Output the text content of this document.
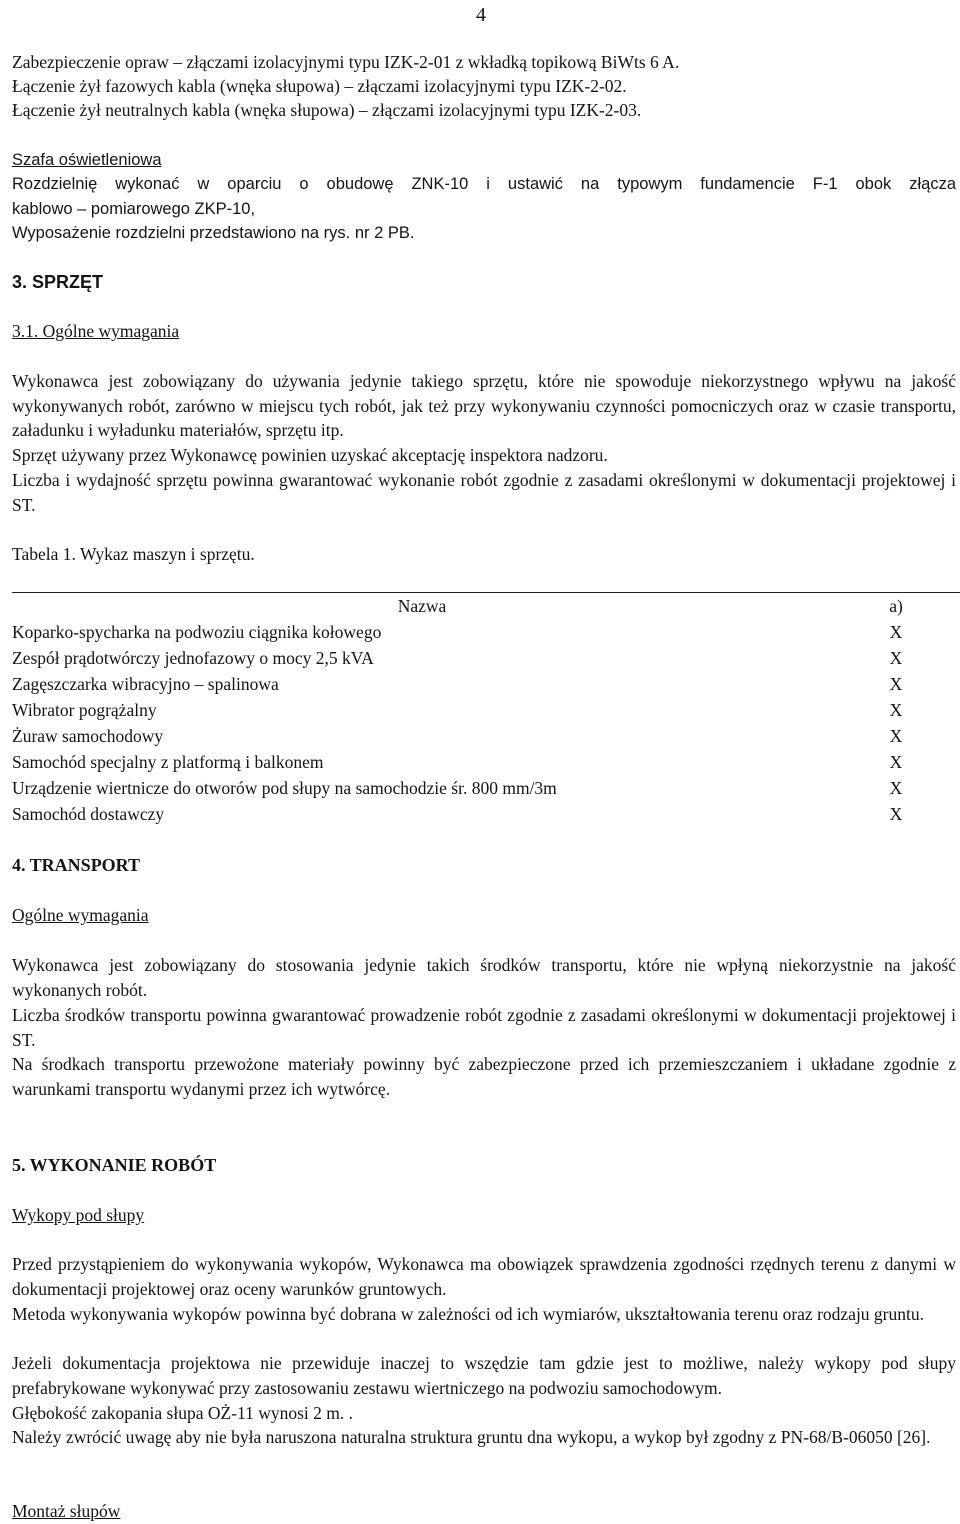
4

Zabezpieczenie opraw – złączami izolacyjnymi typu IZK-2-01 z wkładką topikową BiWts 6 A.

Łączenie żył fazowych kabla (wnęka słupowa) – złączami izolacyjnymi typu IZK-2-02.

Łączenie żył neutralnych kabla (wnęka słupowa) – złączami izolacyjnymi typu IZK-2-03.

Szafa oświetleniowa

Rozdzielnię wykonać w oparciu o obudowę ZNK-10 i ustawić na typowym fundamencie F-1 obok złącza

kablowo – pomiarowego ZKP-10,

Wyposażenie rozdzielni przedstawiono na rys. nr 2 PB.

3. SPRZĘT

3.1. Ogólne wymagania

Wykonawca jest zobowiązany do używania jedynie takiego sprzętu, które nie spowoduje niekorzystnego wpływu na jakość wykonywanych robót, zarówno w miejscu tych robót, jak też przy wykonywaniu czynności pomocniczych oraz w czasie transportu, załadunku i wyładunku materiałów, sprzętu itp.

Sprzęt używany przez Wykonawcę powinien uzyskać akceptację inspektora nadzoru.

Liczba i wydajność sprzętu powinna gwarantować wykonanie robót zgodnie z zasadami określonymi w dokumentacji projektowej i ST.

Tabela 1. Wykaz maszyn i sprzętu.

Nazwa	a)
Koparko-spycharka na podwoziu ciągnika kołowego	X
Zespół prądotwórczy jednofazowy o mocy 2,5 kVA	X
Zagęszczarka wibracyjno – spalinowa	X
Wibrator pogrążalny	X
Żuraw samochodowy	X
Samochód specjalny z platformą i balkonem	X
Urządzenie wiertnicze do otworów pod słupy na samochodzie śr. 800 mm/3m	X
Samochód dostawczy	X
4. TRANSPORT

Ogólne wymagania

Wykonawca jest zobowiązany do stosowania jedynie takich środków transportu, które nie wpłyną niekorzystnie na jakość wykonanych robót.

Liczba środków transportu powinna gwarantować prowadzenie robót zgodnie z zasadami określonymi w dokumentacji projektowej i ST.

Na środkach transportu przewożone materiały powinny być zabezpieczone przed ich przemieszczaniem i układane zgodnie z warunkami transportu wydanymi przez ich wytwórcę.

5. WYKONANIE ROBÓT

Wykopy pod słupy

Przed przystąpieniem do wykonywania wykopów, Wykonawca ma obowiązek sprawdzenia zgodności rzędnych terenu z danymi w dokumentacji projektowej oraz oceny warunków gruntowych.

Metoda wykonywania wykopów powinna być dobrana w zależności od ich wymiarów, ukształtowania terenu oraz rodzaju gruntu.

Jeżeli dokumentacja projektowa nie przewiduje inaczej to wszędzie tam gdzie jest to możliwe, należy wykopy pod słupy prefabrykowane wykonywać przy zastosowaniu zestawu wiertniczego na podwoziu samochodowym.

Głębokość zakopania słupa OŻ-11 wynosi 2 m. .

Należy zwrócić uwagę aby nie była naruszona naturalna struktura gruntu dna wykopu, a wykop był zgodny z PN-68/B-06050 [26].

Montaż słupów
